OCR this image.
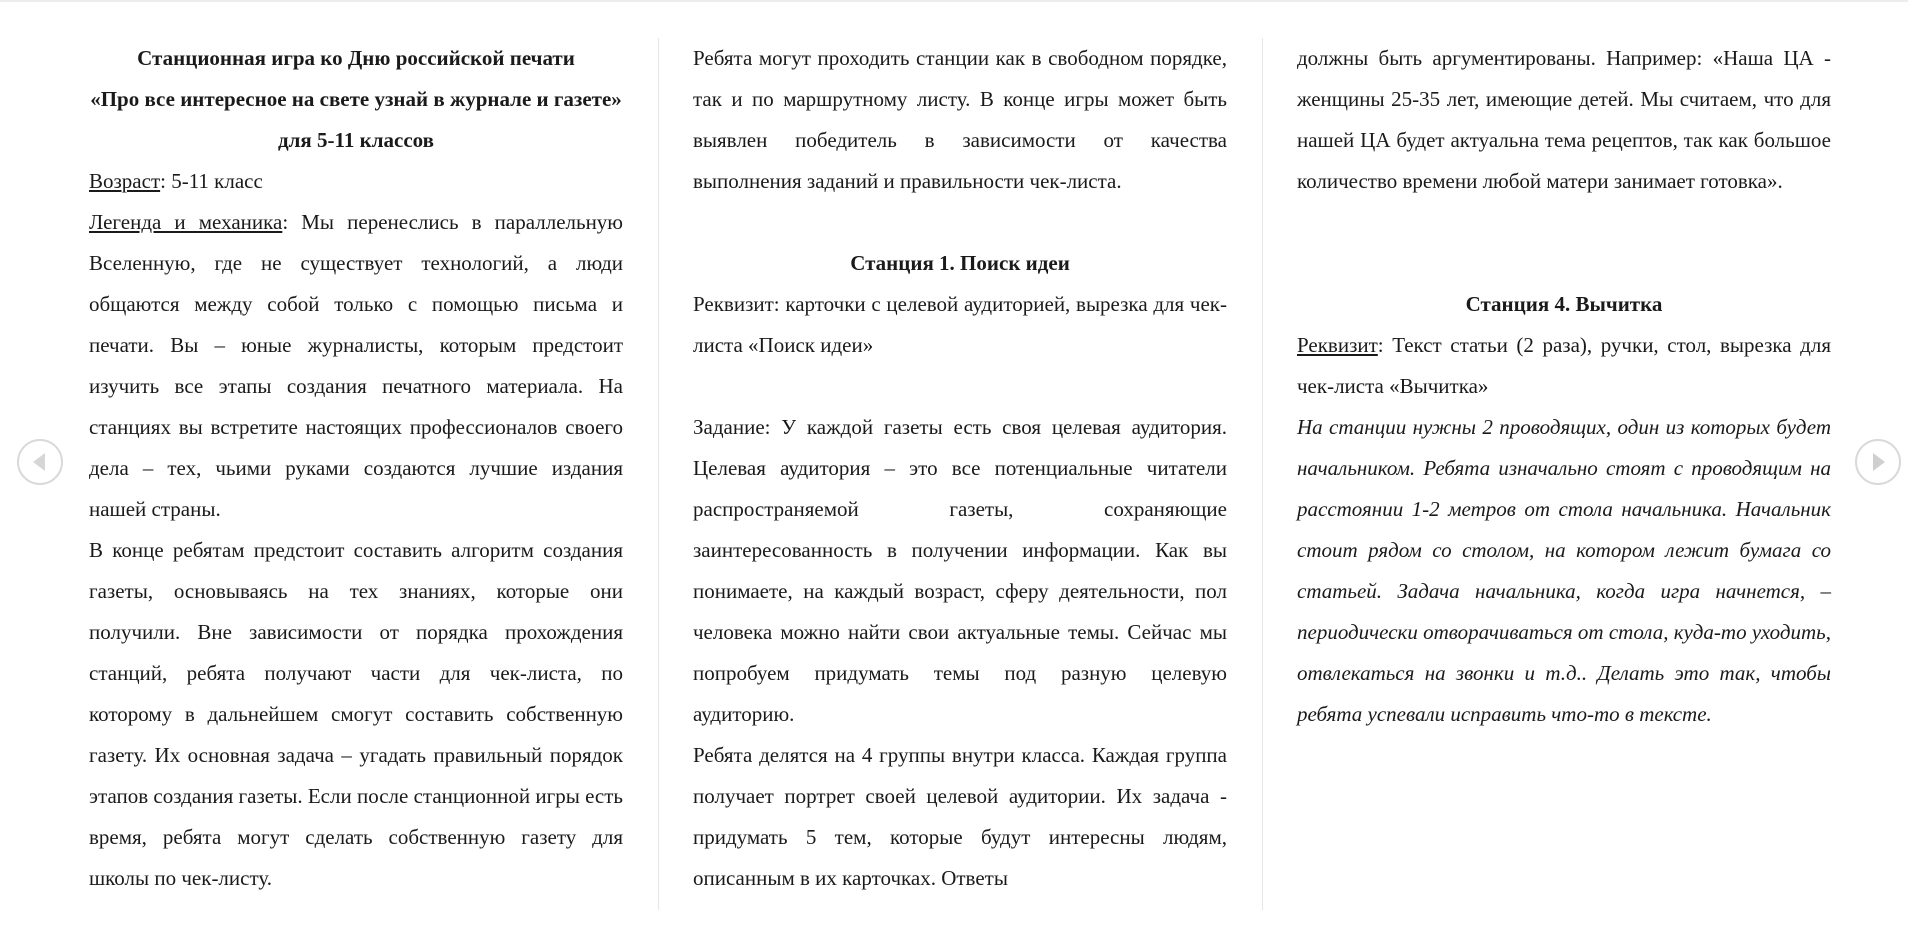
Станционная игра ко Дню российской печати
«Про все интересное на свете узнай в журнале и газете» для 5-11 классов
Возраст: 5-11 класс
Легенда и механика: Мы перенеслись в параллельную Вселенную, где не существует технологий, а люди общаются между собой только с помощью письма и печати. Вы – юные журналисты, которым предстоит изучить все этапы создания печатного материала. На станциях вы встретите настоящих профессионалов своего дела – тех, чьими руками создаются лучшие издания нашей страны.
В конце ребятам предстоит составить алгоритм создания газеты, основываясь на тех знаниях, которые они получили. Вне зависимости от порядка прохождения станций, ребята получают части для чек-листа, по которому в дальнейшем смогут составить собственную газету. Их основная задача – угадать правильный порядок этапов создания газеты. Если после станционной игры есть время, ребята могут сделать собственную газету для школы по чек-листу.
Ребята могут проходить станции как в свободном порядке, так и по маршрутному листу. В конце игры может быть выявлен победитель в зависимости от качества выполнения заданий и правильности чек-листа.
Станция 1. Поиск идеи
Реквизит: карточки с целевой аудиторией, вырезка для чек-листа «Поиск идеи»
Задание: У каждой газеты есть своя целевая аудитория. Целевая аудитория – это все потенциальные читатели распространяемой газеты, сохраняющие заинтересованность в получении информации. Как вы понимаете, на каждый возраст, сферу деятельности, пол человека можно найти свои актуальные темы. Сейчас мы попробуем придумать темы под разную целевую аудиторию.
Ребята делятся на 4 группы внутри класса. Каждая группа получает портрет своей целевой аудитории. Их задача - придумать 5 тем, которые будут интересны людям, описанным в их карточках. Ответы
должны быть аргументированы. Например: «Наша ЦА - женщины 25-35 лет, имеющие детей. Мы считаем, что для нашей ЦА будет актуальна тема рецептов, так как большое количество времени любой матери занимает готовка».
Станция 4. Вычитка
Реквизит: Текст статьи (2 раза), ручки, стол, вырезка для чек-листа «Вычитка»
На станции нужны 2 проводящих, один из которых будет начальником. Ребята изначально стоят с проводящим на расстоянии 1-2 метров от стола начальника. Начальник стоит рядом со столом, на котором лежит бумага со статьей. Задача начальника, когда игра начнется, – периодически отворачиваться от стола, куда-то уходить, отвлекаться на звонки и т.д.. Делать это так, чтобы ребята успевали исправить что-то в тексте.
